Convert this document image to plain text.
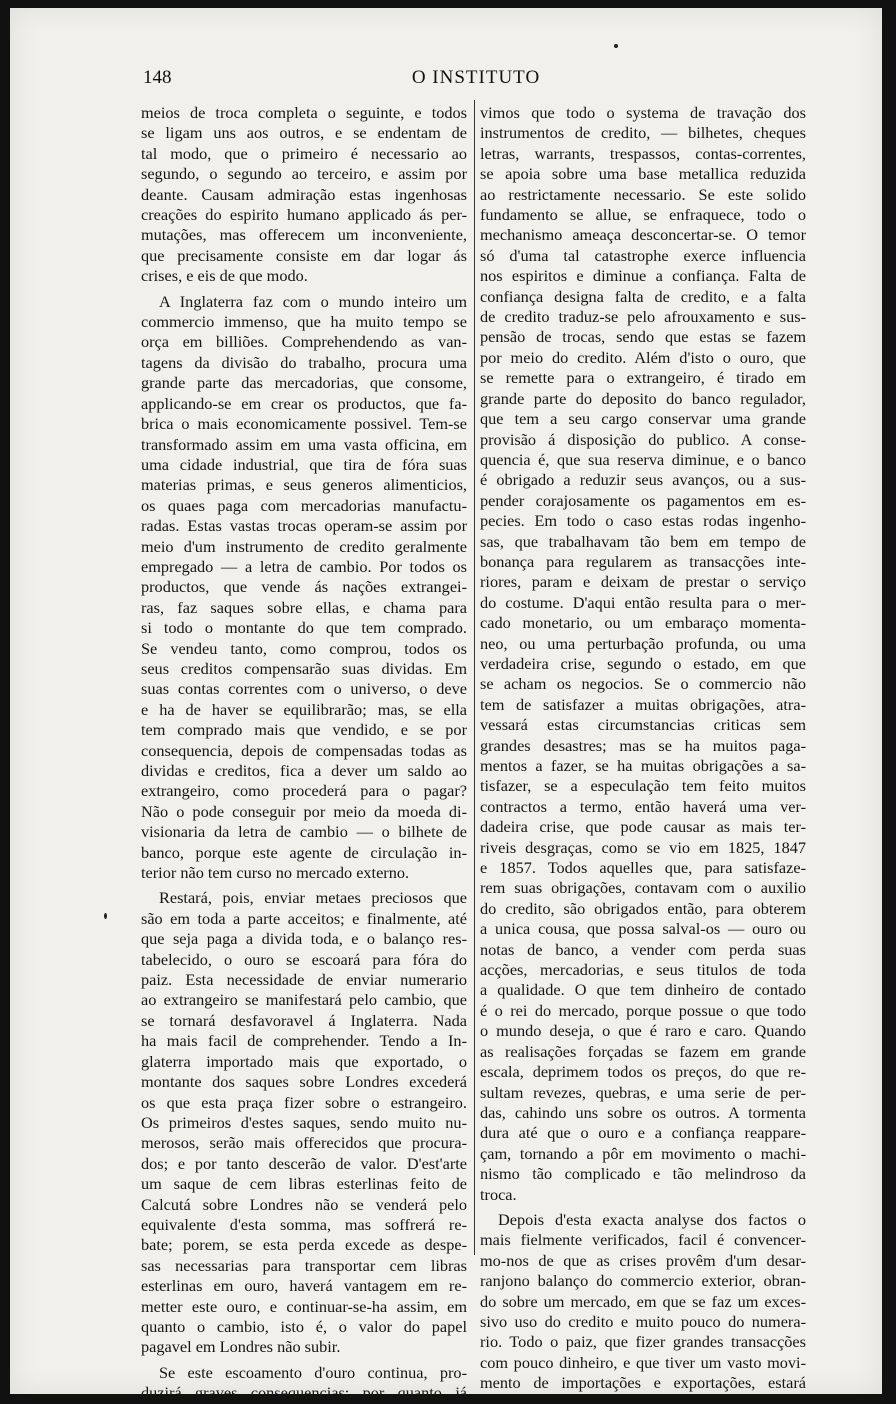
148	O INSTITUTO
meios de troca completa o seguinte, e todos
se ligam uns aos outros, e se endentam de
tal modo, que o primeiro é necessario ao
segundo, o segundo ao terceiro, e assim por
deante. Causam admiração estas ingenhosas
creações do espirito humano applicado ás per-
mutações, mas offerecem um inconveniente,
que precisamente consiste em dar logar ás
crises, e eis de que modo.
A Inglaterra faz com o mundo inteiro um
commercio immenso, que ha muito tempo se
orça em billiões. Comprehendendo as van-
tagens da divisão do trabalho, procura uma
grande parte das mercadorias, que consome,
applicando-se em crear os productos, que fa-
brica o mais economicamente possivel. Tem-se
transformado assim em uma vasta officina, em
uma cidade industrial, que tira de fóra suas
materias primas, e seus generos alimenticios,
os quaes paga com mercadorias manufactu-
radas. Estas vastas trocas operam-se assim por
meio d'um instrumento de credito geralmente
empregado — a letra de cambio. Por todos os
productos, que vende ás nações extrangei-
ras, faz saques sobre ellas, e chama para
si todo o montante do que tem comprado.
Se vendeu tanto, como comprou, todos os
seus creditos compensarão suas dividas. Em
suas contas correntes com o universo, o deve
e ha de haver se equilibrarão; mas, se ella
tem comprado mais que vendido, e se por
consequencia, depois de compensadas todas as
dividas e creditos, fica a dever um saldo ao
extrangeiro, como procederá para o pagar?
Não o pode conseguir por meio da moeda di-
visionaria da letra de cambio — o bilhete de
banco, porque este agente de circulação in-
terior não tem curso no mercado externo.
Restará, pois, enviar metaes preciosos que
são em toda a parte acceitos; e finalmente, até
que seja paga a divida toda, e o balanço res-
tabelecido, o ouro se escoará para fóra do
paiz. Esta necessidade de enviar numerario
ao extrangeiro se manifestará pelo cambio, que
se tornará desfavoravel á Inglaterra. Nada
ha mais facil de comprehender. Tendo a In-
glaterra importado mais que exportado, o
montante dos saques sobre Londres excederá
os que esta praça fizer sobre o estrangeiro.
Os primeiros d'estes saques, sendo muito nu-
merosos, serão mais offerecidos que procura-
dos; e por tanto descerão de valor. D'est'arte
um saque de cem libras esterlinas feito de
Calcutá sobre Londres não se venderá pelo
equivalente d'esta somma, mas soffrerá re-
bate; porem, se esta perda excede as despe-
sas necessarias para transportar cem libras
esterlinas em ouro, haverá vantagem em re-
metter este ouro, e continuar-se-ha assim, em
quanto o cambio, isto é, o valor do papel
pagavel em Londres não subir.
Se este escoamento d'ouro continua, pro-
duzirá graves consequencias; por quanto já
vimos que todo o systema de travação dos
instrumentos de credito, — bilhetes, cheques
letras, warrants, trespassos, contas-correntes,
se apoia sobre uma base metallica reduzida
ao restrictamente necessario. Se este solido
fundamento se allue, se enfraquece, todo o
mechanismo ameaça desconcertar-se. O temor
só d'uma tal catastrophe exerce influencia
nos espiritos e diminue a confiança. Falta de
confiança designa falta de credito, e a falta
de credito traduz-se pelo afrouxamento e sus-
pensão de trocas, sendo que estas se fazem
por meio do credito. Além d'isto o ouro, que
se remette para o extrangeiro, é tirado em
grande parte do deposito do banco regulador,
que tem a seu cargo conservar uma grande
provisão á disposição do publico. A conse-
quencia é, que sua reserva diminue, e o banco
é obrigado a reduzir seus avanços, ou a sus-
pender corajosamente os pagamentos em es-
pecies. Em todo o caso estas rodas ingenho-
sas, que trabalhavam tão bem em tempo de
bonança para regularem as transacções inte-
riores, param e deixam de prestar o serviço
do costume. D'aqui então resulta para o mer-
cado monetario, ou um embaraço momenta-
neo, ou uma perturbação profunda, ou uma
verdadeira crise, segundo o estado, em que
se acham os negocios. Se o commercio não
tem de satisfazer a muitas obrigações, atra-
vessará estas circumstancias criticas sem
grandes desastres; mas se ha muitos paga-
mentos a fazer, se ha muitas obrigações a sa-
tisfazer, se a especulação tem feito muitos
contractos a termo, então haverá uma ver-
dadeira crise, que pode causar as mais ter-
riveis desgraças, como se vio em 1825, 1847
e 1857. Todos aquelles que, para satisfaze-
rem suas obrigações, contavam com o auxilio
do credito, são obrigados então, para obterem
a unica cousa, que possa salval-os — ouro ou
notas de banco, a vender com perda suas
acções, mercadorias, e seus titulos de toda
a qualidade. O que tem dinheiro de contado
é o rei do mercado, porque possue o que todo
o mundo deseja, o que é raro e caro. Quando
as realisações forçadas se fazem em grande
escala, deprimem todos os preços, do que re-
sultam revezes, quebras, e uma serie de per-
das, cahindo uns sobre os outros. A tormenta
dura até que o ouro e a confiança reappare-
çam, tornando a pôr em movimento o machi-
nismo tão complicado e tão melindroso da
troca.
Depois d'esta exacta analyse dos factos o
mais fielmente verificados, facil é convencer-
mo-nos de que as crises provêm d'um desar-
ranjono balanço do commercio exterior, obran-
do sobre um mercado, em que se faz um exces-
sivo uso do credito e muito pouco do numera-
rio. Todo o paiz, que fizer grandes transacções
com pouco dinheiro, e que tiver um vasto movi-
mento de importações e exportações, estará
